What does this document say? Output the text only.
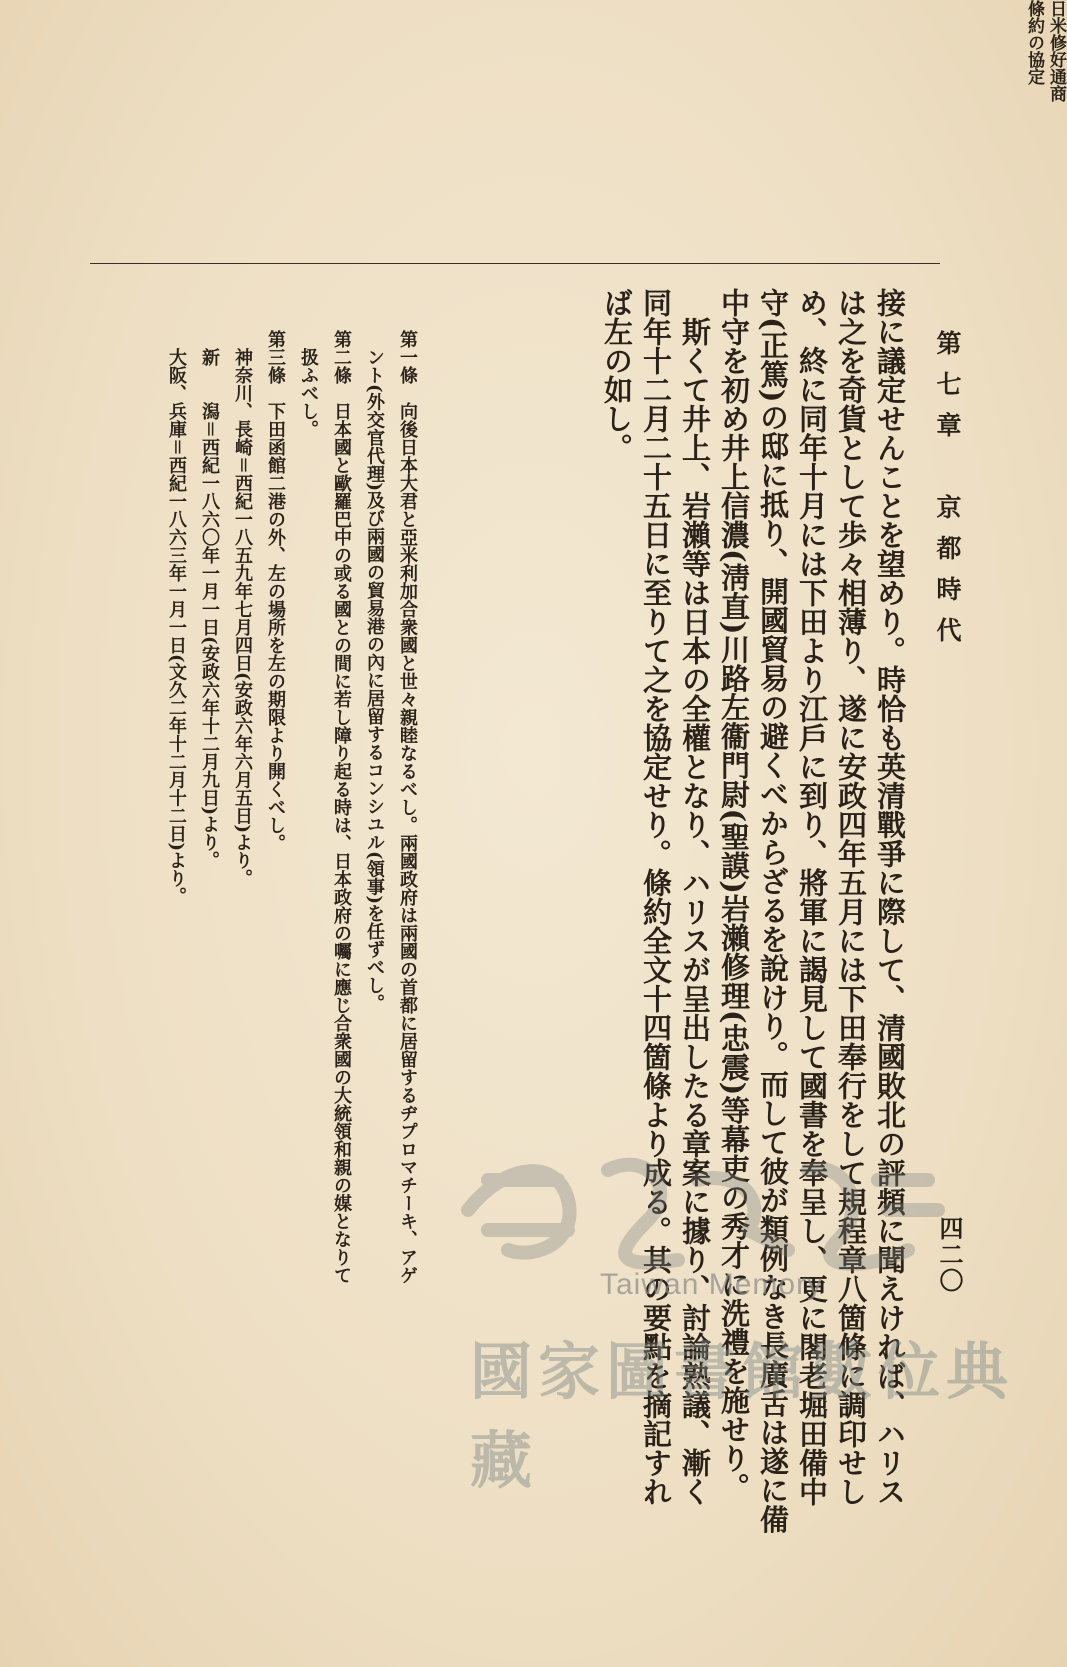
第七章　京都時代
四二〇
日米修好通商
條約の協定
接に議定せんことを望めり。時恰も英清戰爭に際して、清國敗北の評頻に聞えければ、ハリス
は之を奇貨として歩々相薄り、遂に安政四年五月には下田奉行をして規程章八箇條に調印せし
め、終に同年十月には下田より江戶に到り、將軍に謁見して國書を奉呈し、更に閣老堀田備中
守(正篤)の邸に抵り、開國貿易の避くべからざるを說けり。而して彼が類例なき長廣舌は遂に備
中守を初め井上信濃(淸直)川路左衞門尉(聖謨)岩瀨修理(忠震)等幕吏の秀才に洗禮を施せり。
　斯くて井上、岩瀨等は日本の全權となり、ハリスが呈出したる章案に據り、討論熟議、漸く
同年十二月二十五日に至りて之を協定せり。條約全文十四箇條より成る。其の要點を摘記すれ
ば左の如し。
第一條　向後日本大君と亞米利加合衆國と世々親睦なるべし。兩國政府は兩國の首都に居留するヂプロマチーキ、アゲ
　ント(外交官代理)及び兩國の貿易港の內に居留するコンシユル(領事)を任ずべし。
第二條　日本國と歐羅巴中の或る國との間に若し障り起る時は、日本政府の囑に應じ合衆國の大統領和親の媒となりて
　扱ふべし。
第三條　下田函館二港の外、左の場所を左の期限より開くべし。
　神奈川、長崎＝西紀一八五九年七月四日(安政六年六月五日)より。
　新　　潟＝西紀一八六〇年一月一日(安政六年十二月九日)より。
　大阪、兵庫＝西紀一八六三年一月一日(文久二年十二月十二日)より。
Taiwan Memory
國家圖書館數位典藏
